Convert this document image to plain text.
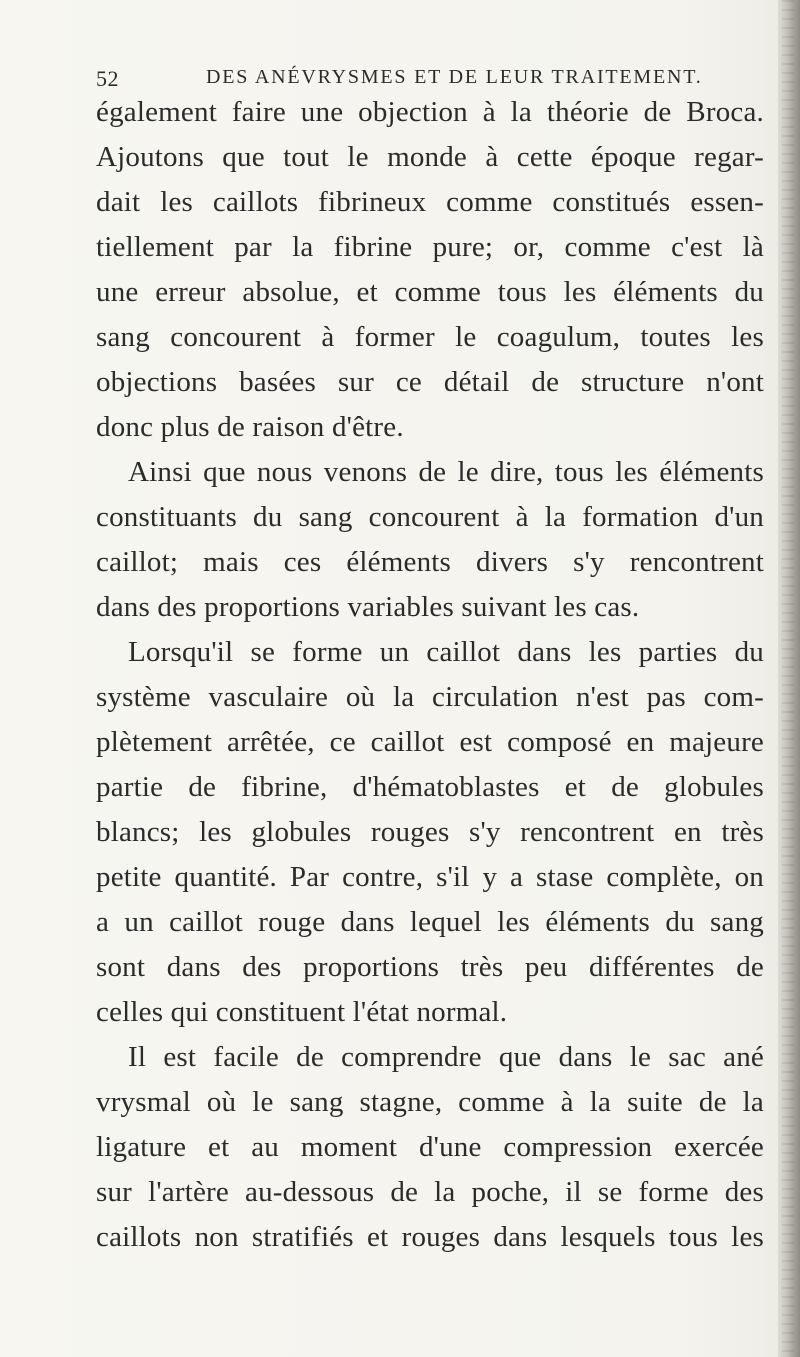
52	DES ANÉVRYSMES ET DE LEUR TRAITEMENT.
également faire une objection à la théorie de Broca.
Ajoutons que tout le monde à cette époque regar-
dait les caillots fibrineux comme constitués essen-
tiellement par la fibrine pure; or, comme c'est là
une erreur absolue, et comme tous les éléments du
sang concourent à former le coagulum, toutes les
objections basées sur ce détail de structure n'ont
donc plus de raison d'être.
Ainsi que nous venons de le dire, tous les éléments
constituants du sang concourent à la formation d'un
caillot; mais ces éléments divers s'y rencontrent
dans des proportions variables suivant les cas.
Lorsqu'il se forme un caillot dans les parties du
système vasculaire où la circulation n'est pas com-
plètement arrêtée, ce caillot est composé en majeure
partie de fibrine, d'hématoblastes et de globules
blancs; les globules rouges s'y rencontrent en très
petite quantité. Par contre, s'il y a stase complète, on
a un caillot rouge dans lequel les éléments du sang
sont dans des proportions très peu différentes de
celles qui constituent l'état normal.
Il est facile de comprendre que dans le sac ané
vrysmal où le sang stagne, comme à la suite de la
ligature et au moment d'une compression exercée
sur l'artère au-dessous de la poche, il se forme des
caillots non stratifiés et rouges dans lesquels tous les
